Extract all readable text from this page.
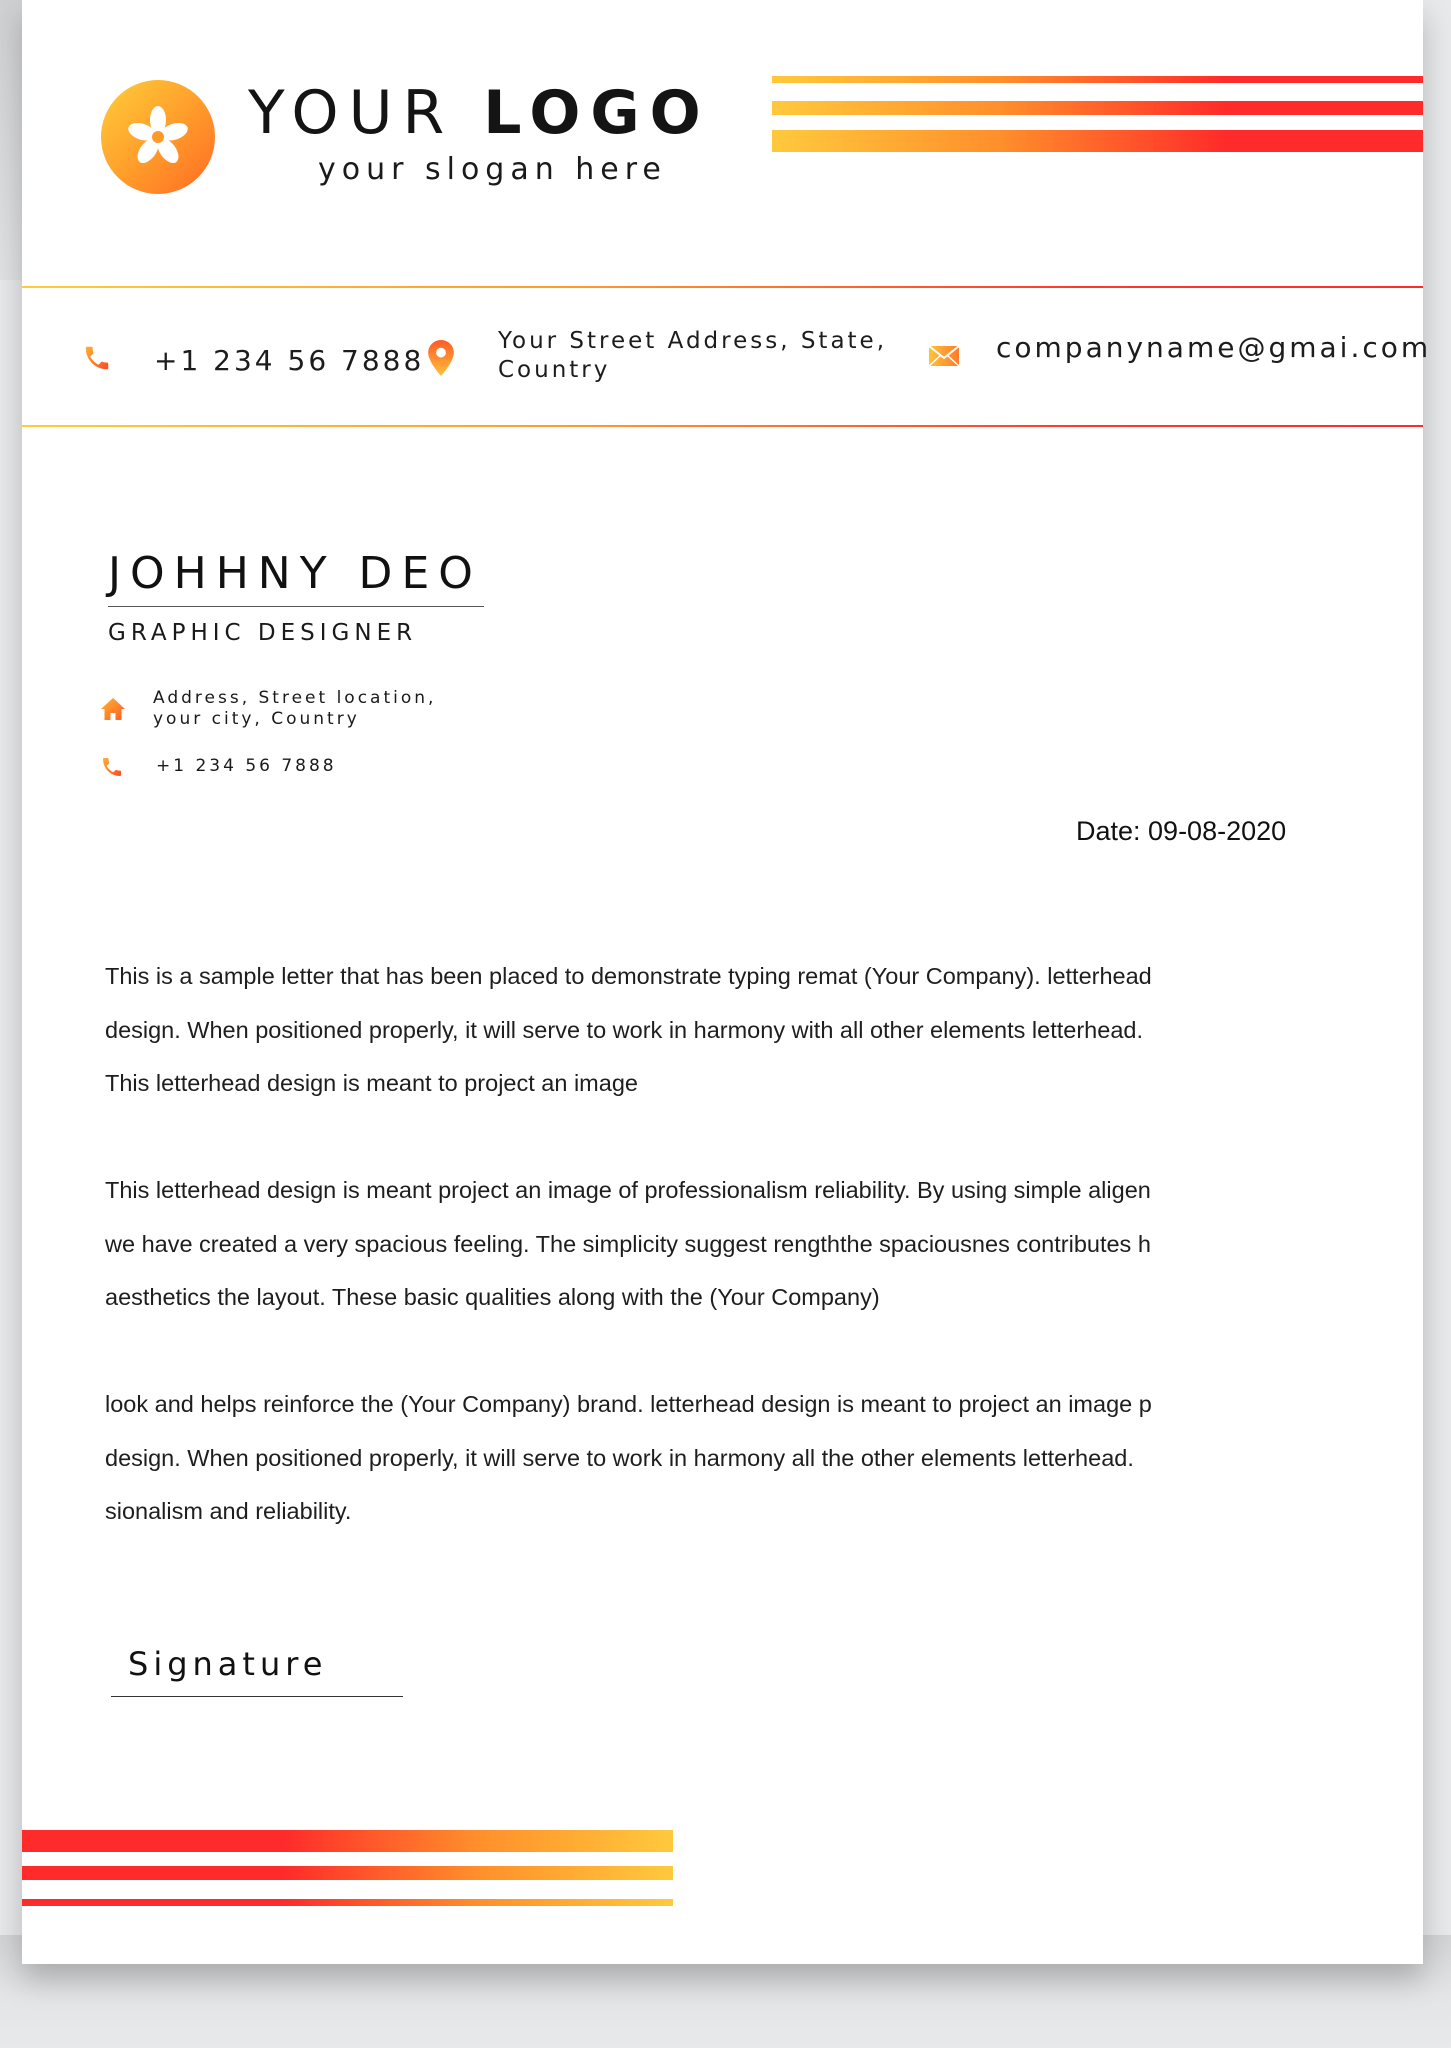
YOUR LOGO
your slogan here
+1 234 56 7888
Your Street Address, State,
Country
companyname@gmai.com
JOHHNY DEO
GRAPHIC DESIGNER
Address, Street location,
your city, Country
+1 234 56 7888
Date: 09-08-2020

This is a sample letter that has been placed to demonstrate typing remat (Your Company). letterhead

design. When positioned properly, it will serve to work in harmony with all other elements letterhead.

This letterhead design is meant to project an image

This letterhead design is meant project an image of professionalism reliability. By using simple aligen

we have created a very spacious feeling. The simplicity suggest rengththe spaciousnes contributes h

aesthetics the layout. These basic qualities along with the (Your Company)

look and helps reinforce the (Your Company) brand. letterhead design is meant to project an image p

design. When positioned properly, it will serve to work in harmony all the other elements letterhead.

sionalism and reliability.

Signature
